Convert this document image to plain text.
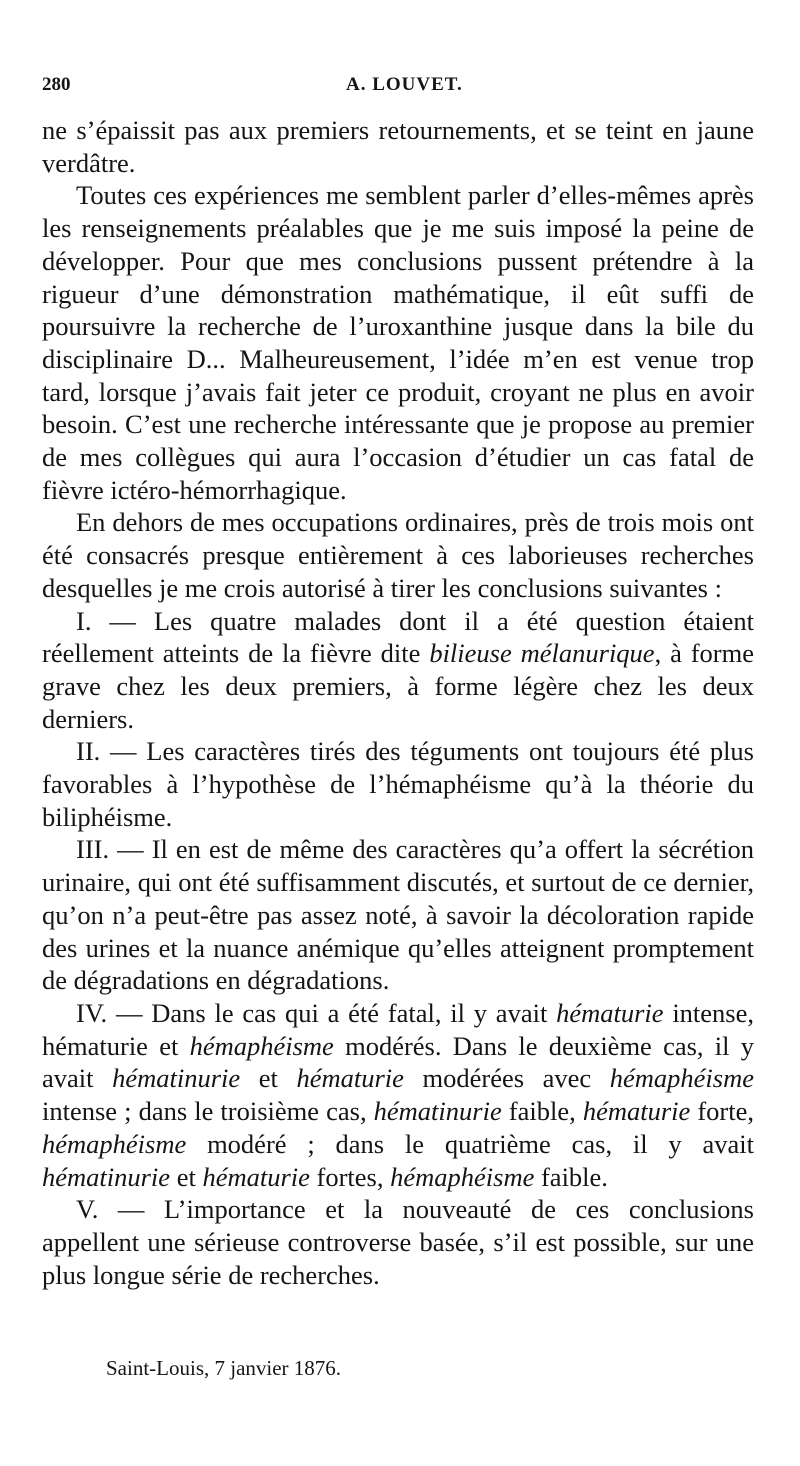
280	A. LOUVET.

ne s’épaissit pas aux premiers retournements, et se teint en jaune verdâtre.

Toutes ces expériences me semblent parler d’elles-mêmes après les renseignements préalables que je me suis imposé la peine de développer. Pour que mes conclusions pussent prétendre à la rigueur d’une démonstration mathématique, il eût suffi de poursuivre la recherche de l’uroxanthine jusque dans la bile du disciplinaire D... Malheureusement, l’idée m’en est venue trop tard, lorsque j’avais fait jeter ce produit, croyant ne plus en avoir besoin. C’est une recherche intéressante que je propose au premier de mes collègues qui aura l’occasion d’étudier un cas fatal de fièvre ictéro-hémorrhagique.

En dehors de mes occupations ordinaires, près de trois mois ont été consacrés presque entièrement à ces laborieuses recherches desquelles je me crois autorisé à tirer les conclusions suivantes :

I. — Les quatre malades dont il a été question étaient réellement atteints de la fièvre dite bilieuse mélanurique, à forme grave chez les deux premiers, à forme légère chez les deux derniers.

II. — Les caractères tirés des téguments ont toujours été plus favorables à l’hypothèse de l’hémaphéisme qu’à la théorie du biliphéisme.

III. — Il en est de même des caractères qu’a offert la sécrétion urinaire, qui ont été suffisamment discutés, et surtout de ce dernier, qu’on n’a peut-être pas assez noté, à savoir la décoloration rapide des urines et la nuance anémique qu’elles atteignent promptement de dégradations en dégradations.

IV. — Dans le cas qui a été fatal, il y avait hématurie intense, hématurie et hémaphéisme modérés. Dans le deuxième cas, il y avait hématinurie et hématurie modérées avec hémaphéisme intense ; dans le troisième cas, hématinurie faible, hématurie forte, hémaphéisme modéré ; dans le quatrième cas, il y avait hématinurie et hématurie fortes, hémaphéisme faible.

V. — L’importance et la nouveauté de ces conclusions appellent une sérieuse controverse basée, s’il est possible, sur une plus longue série de recherches.

Saint-Louis, 7 janvier 1876.
